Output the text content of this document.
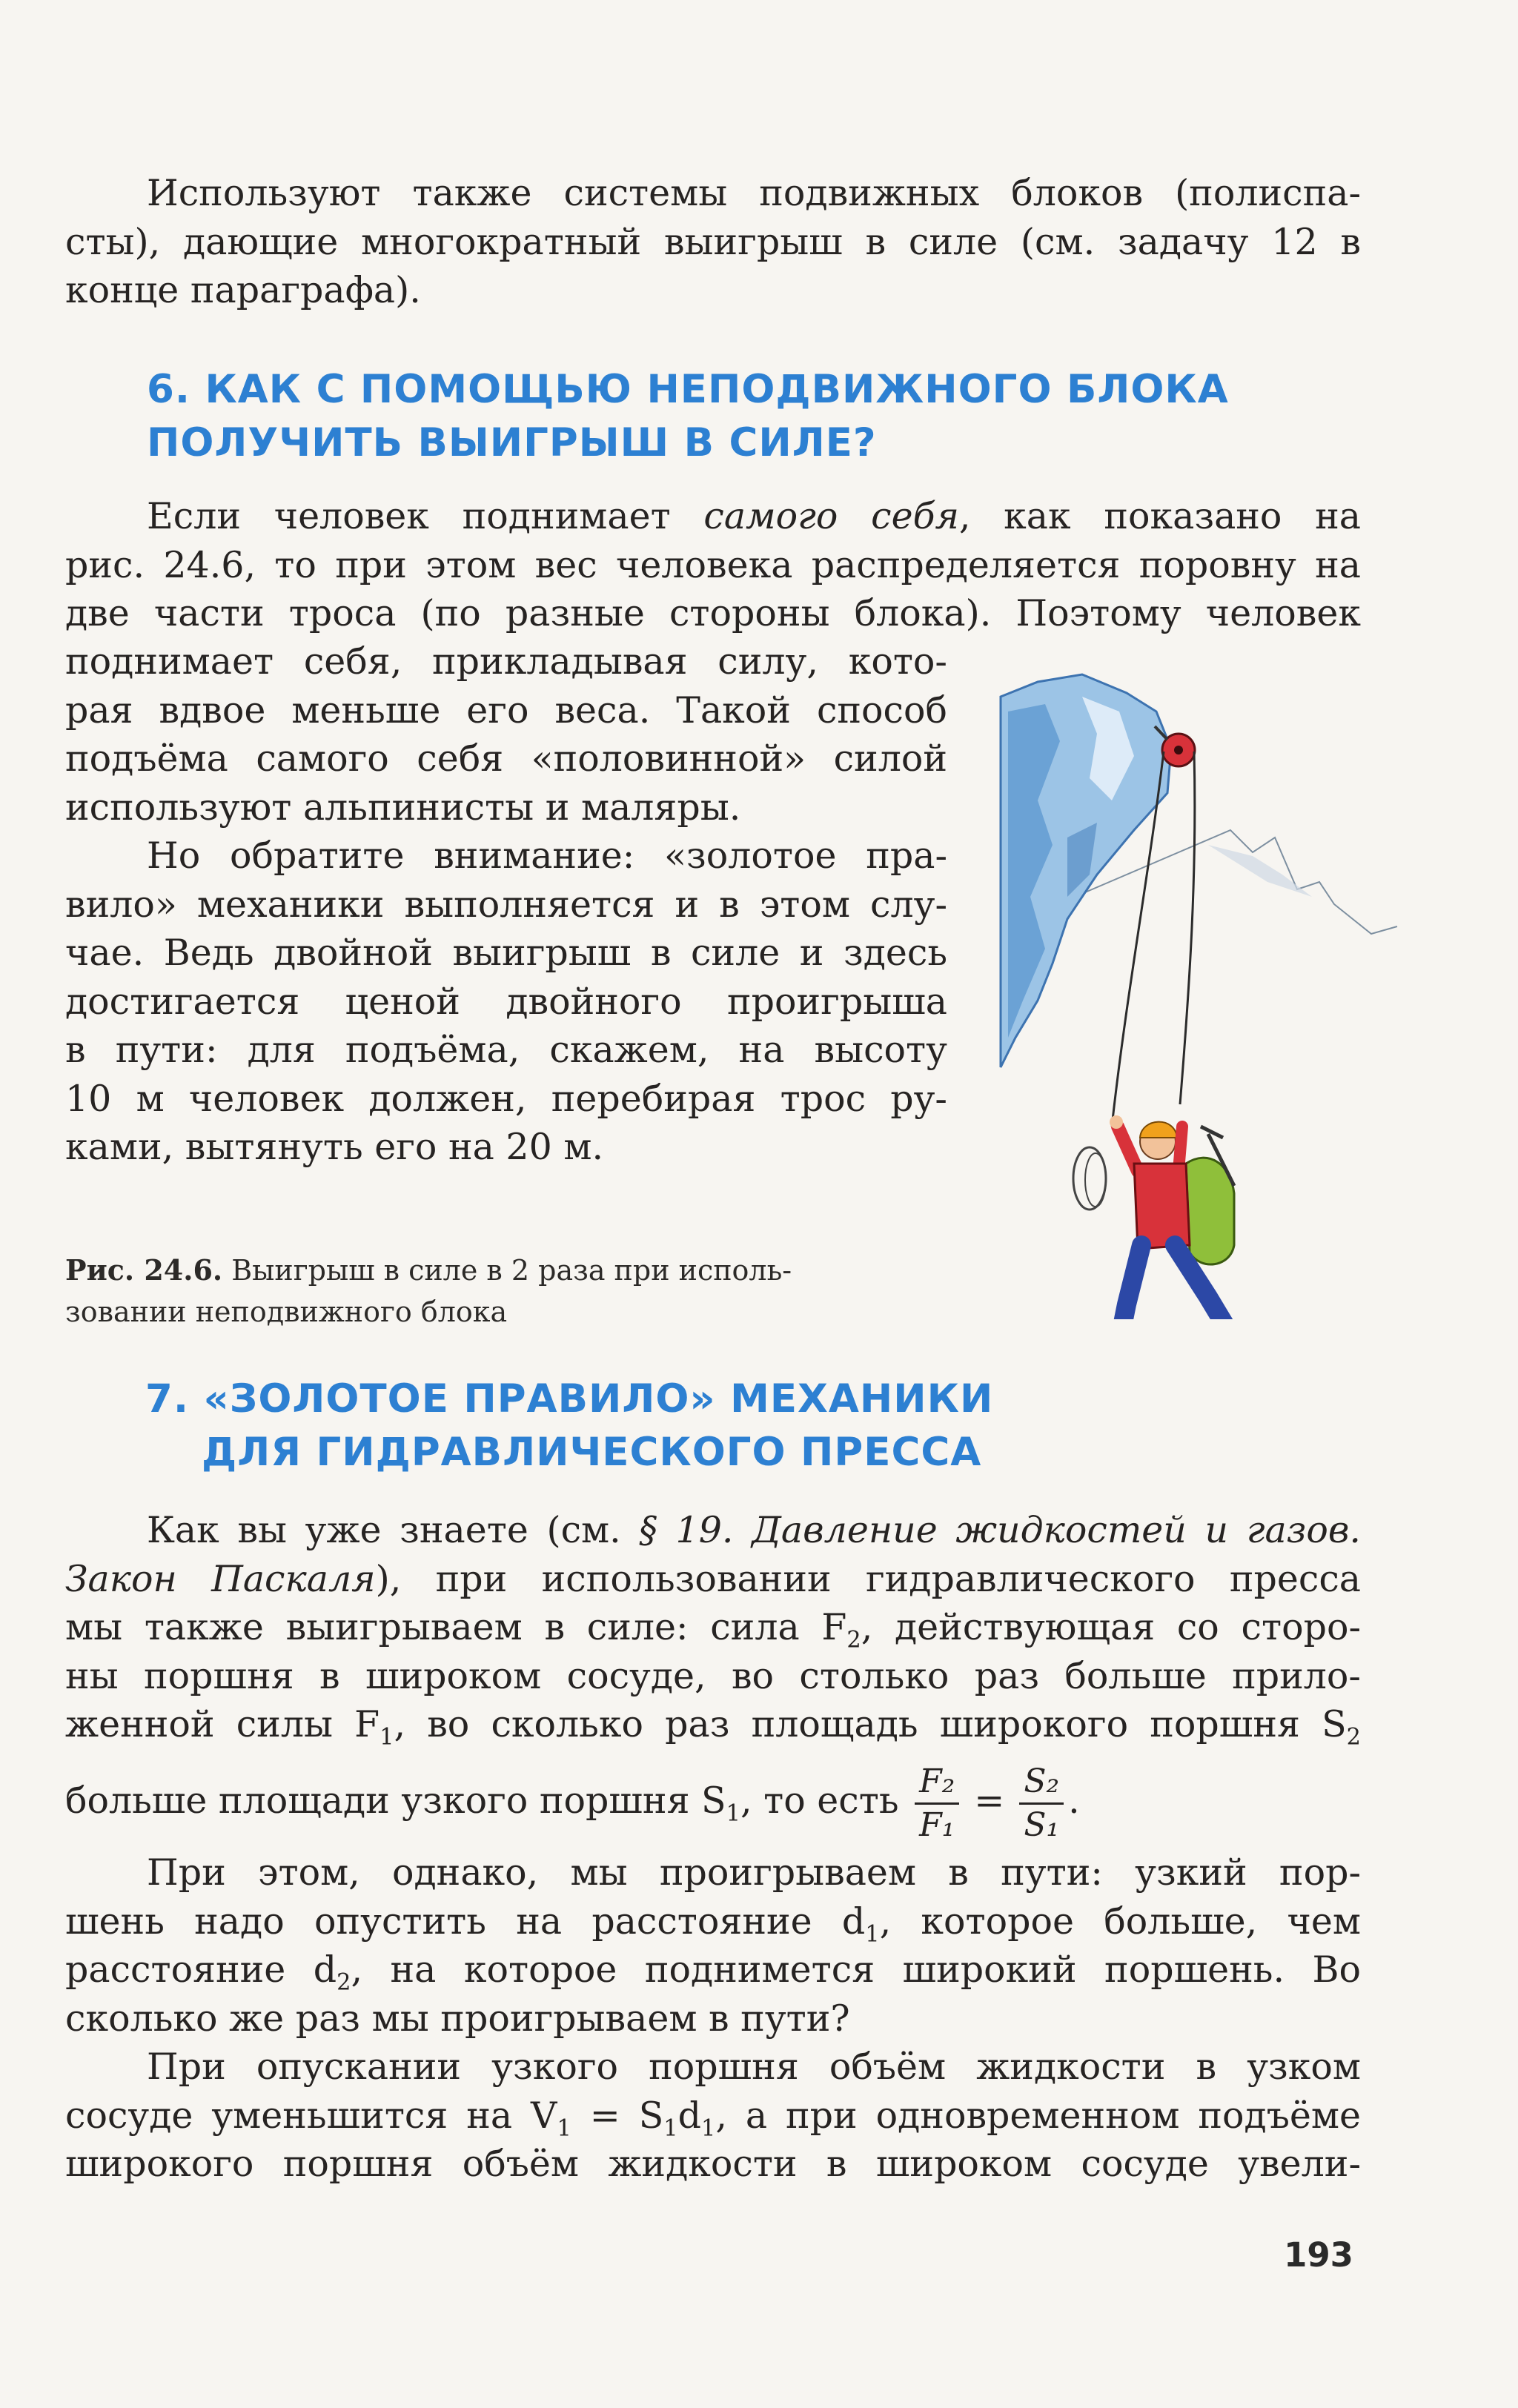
Используют также системы подвижных блоков (полиспа-
сты), дающие многократный выигрыш в силе (см. задачу 12 в
конце параграфа).
6. КАК С ПОМОЩЬЮ НЕПОДВИЖНОГО БЛОКА
ПОЛУЧИТЬ ВЫИГРЫШ В СИЛЕ?
Если человек поднимает самого себя, как показано на
рис. 24.6, то при этом вес человека распределяется поровну на
две части троса (по разные стороны блока). Поэтому человек
поднимает себя, прикладывая силу, кото-
рая вдвое меньше его веса. Такой способ
подъёма самого себя «половинной» силой
используют альпинисты и маляры.
Но обратите внимание: «золотое пра-
вило» механики выполняется и в этом слу-
чае. Ведь двойной выигрыш в силе и здесь
достигается ценой двойного проигрыша
в пути: для подъёма, скажем, на высоту
10 м человек должен, перебирая трос ру-
ками, вытянуть его на 20 м.
Рис. 24.6. Выигрыш в силе в 2 раза при исполь-
зовании неподвижного блока
7. «ЗОЛОТОЕ ПРАВИЛО» МЕХАНИКИ
ДЛЯ ГИДРАВЛИЧЕСКОГО ПРЕССА
Как вы уже знаете (см. § 19. Давление жидкостей и газов.
Закон Паскаля), при использовании гидравлического пресса
мы также выигрываем в силе: сила $F_2$, действующая со сторо-
ны поршня в широком сосуде, во столько раз больше прило-
женной силы $F_1$, во сколько раз площадь широкого поршня $S_2$
больше площади узкого поршня $S_1$, то есть $\frac{\text{F₂}}{\text{F₁}} = \frac{\text{S₂}}{\text{S₁}}$ .
При этом, однако, мы проигрываем в пути: узкий пор-
шень надо опустить на расстояние $d_1$, которое больше, чем
расстояние $d_2$, на которое поднимется широкий поршень. Во
сколько же раз мы проигрываем в пути?
При опускании узкого поршня объём жидкости в узком
сосуде уменьшится на $V_1 = S_1d_1$, а при одновременном подъёме
широкого поршня объём жидкости в широком сосуде увели-
193
